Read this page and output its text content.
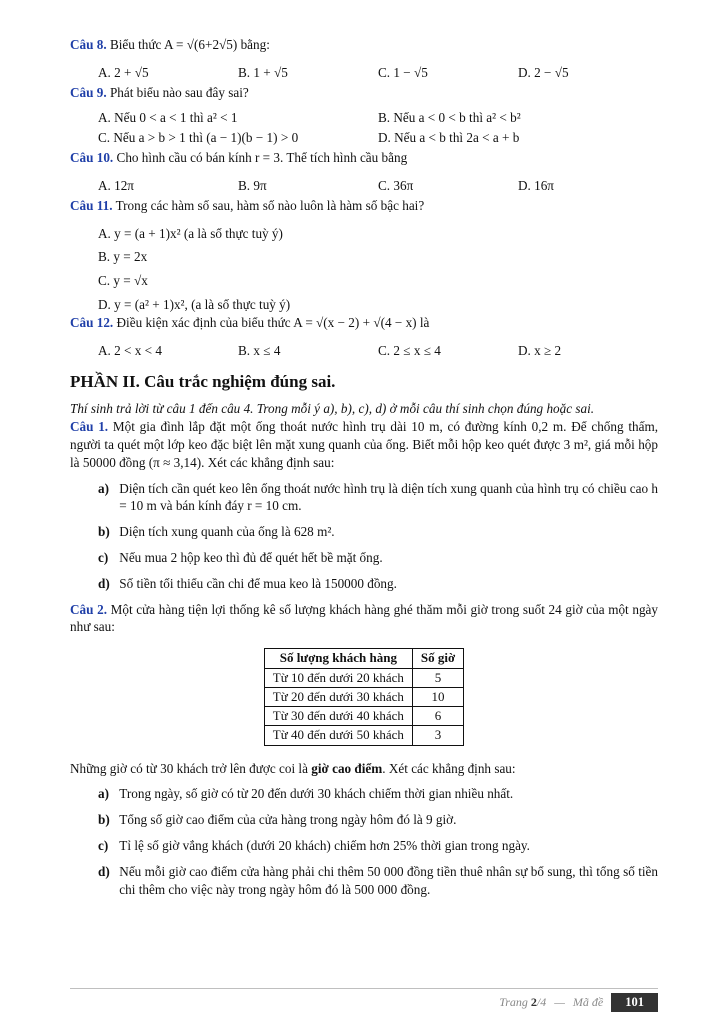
Câu 8. Biểu thức A = √(6+2√5) bằng:

A. 2 + √5	B. 1 + √5	C. 1 − √5	D. 2 − √5

Câu 9. Phát biểu nào sau đây sai?

A. Nếu 0 < a < 1 thì a² < 1	B. Nếu a < 0 < b thì a² < b²
C. Nếu a > b > 1 thì (a − 1)(b − 1) > 0	D. Nếu a < b thì 2a < a + b

Câu 10. Cho hình cầu có bán kính r = 3. Thể tích hình cầu bằng

A. 12π	B. 9π	C. 36π	D. 16π

Câu 11. Trong các hàm số sau, hàm số nào luôn là hàm số bậc hai?

A. y = (a + 1)x² (a là số thực tuỳ ý)
B. y = 2x
C. y = √x
D. y = (a² + 1)x², (a là số thực tuỳ ý)

Câu 12. Điều kiện xác định của biểu thức A = √(x − 2) + √(4 − x) là

A. 2 < x < 4	B. x ≤ 4	C. 2 ≤ x ≤ 4	D. x ≥ 2
PHẦN II. Câu trắc nghiệm đúng sai.

Thí sinh trả lời từ câu 1 đến câu 4. Trong mỗi ý a), b), c), d) ở mỗi câu thí sinh chọn đúng hoặc sai.

Câu 1. Một gia đình lắp đặt một ống thoát nước hình trụ dài 10 m, có đường kính 0,2 m. Để chống thấm, người ta quét một lớp keo đặc biệt lên mặt xung quanh của ống. Biết mỗi hộp keo quét được 3 m², giá mỗi hộp là 50000 đồng (π ≈ 3,14). Xét các khẳng định sau:

a)
Diện tích cần quét keo lên ống thoát nước hình trụ là diện tích xung quanh của hình trụ có chiều cao h = 10 m và bán kính đáy r = 10 cm.
b)
Diện tích xung quanh của ống là 628 m².
c)
Nếu mua 2 hộp keo thì đủ để quét hết bề mặt ống.
d)
Số tiền tối thiểu cần chi để mua keo là 150000 đồng.

Câu 2. Một cửa hàng tiện lợi thống kê số lượng khách hàng ghé thăm mỗi giờ trong suốt 24 giờ của một ngày như sau:

Số lượng khách hàng	Số giờ
Từ 10 đến dưới 20 khách	5
Từ 20 đến dưới 30 khách	10
Từ 30 đến dưới 40 khách	6
Từ 40 đến dưới 50 khách	3

Những giờ có từ 30 khách trở lên được coi là giờ cao điểm. Xét các khẳng định sau:

a)
Trong ngày, số giờ có từ 20 đến dưới 30 khách chiếm thời gian nhiều nhất.
b)
Tổng số giờ cao điểm của cửa hàng trong ngày hôm đó là 9 giờ.
c)
Tỉ lệ số giờ vắng khách (dưới 20 khách) chiếm hơn 25% thời gian trong ngày.
d)
Nếu mỗi giờ cao điểm cửa hàng phải chi thêm 50 000 đồng tiền thuê nhân sự bổ sung, thì tổng số tiền chi thêm cho việc này trong ngày hôm đó là 500 000 đồng.
Trang 2/4 — Mã đề	101
